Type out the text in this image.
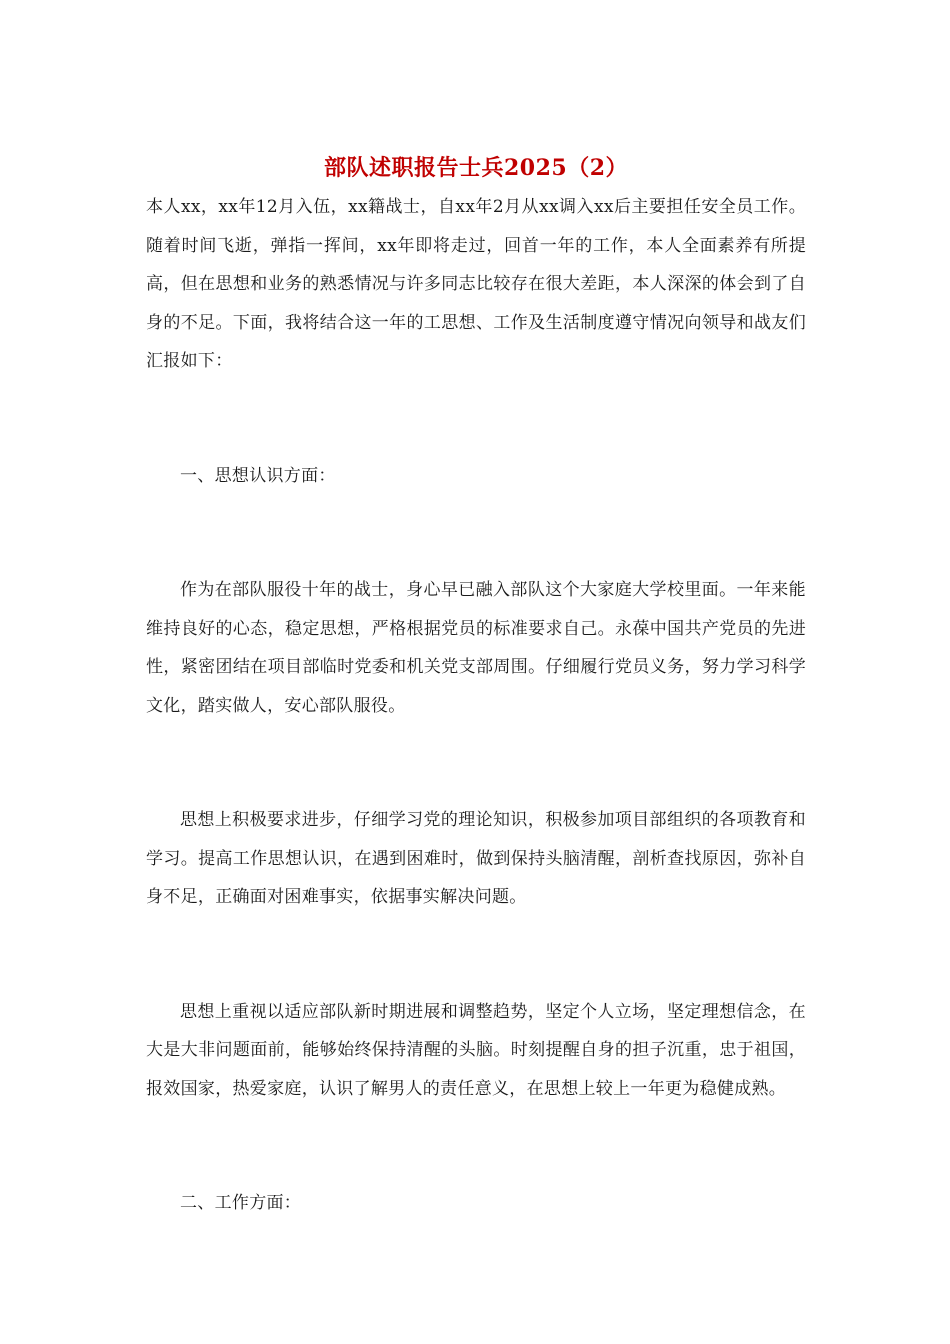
部队述职报告士兵2025（2）

本人xx，xx年12月入伍，xx籍战士，自xx年2月从xx调入xx后主要担任安全员工作。随着时间飞逝，弹指一挥间，xx年即将走过，回首一年的工作，本人全面素养有所提高，但在思想和业务的熟悉情况与许多同志比较存在很大差距，本人深深的体会到了自身的不足。下面，我将结合这一年的工思想、工作及生活制度遵守情况向领导和战友们汇报如下：

一、思想认识方面：

作为在部队服役十年的战士，身心早已融入部队这个大家庭大学校里面。一年来能维持良好的心态，稳定思想，严格根据党员的标准要求自己。永葆中国共产党员的先进性，紧密团结在项目部临时党委和机关党支部周围。仔细履行党员义务，努力学习科学文化，踏实做人，安心部队服役。

思想上积极要求进步，仔细学习党的理论知识，积极参加项目部组织的各项教育和学习。提高工作思想认识，在遇到困难时，做到保持头脑清醒，剖析查找原因，弥补自身不足，正确面对困难事实，依据事实解决问题。

思想上重视以适应部队新时期进展和调整趋势，坚定个人立场，坚定理想信念，在大是大非问题面前，能够始终保持清醒的头脑。时刻提醒自身的担子沉重，忠于祖国，报效国家，热爱家庭，认识了解男人的责任意义，在思想上较上一年更为稳健成熟。

二、工作方面：
